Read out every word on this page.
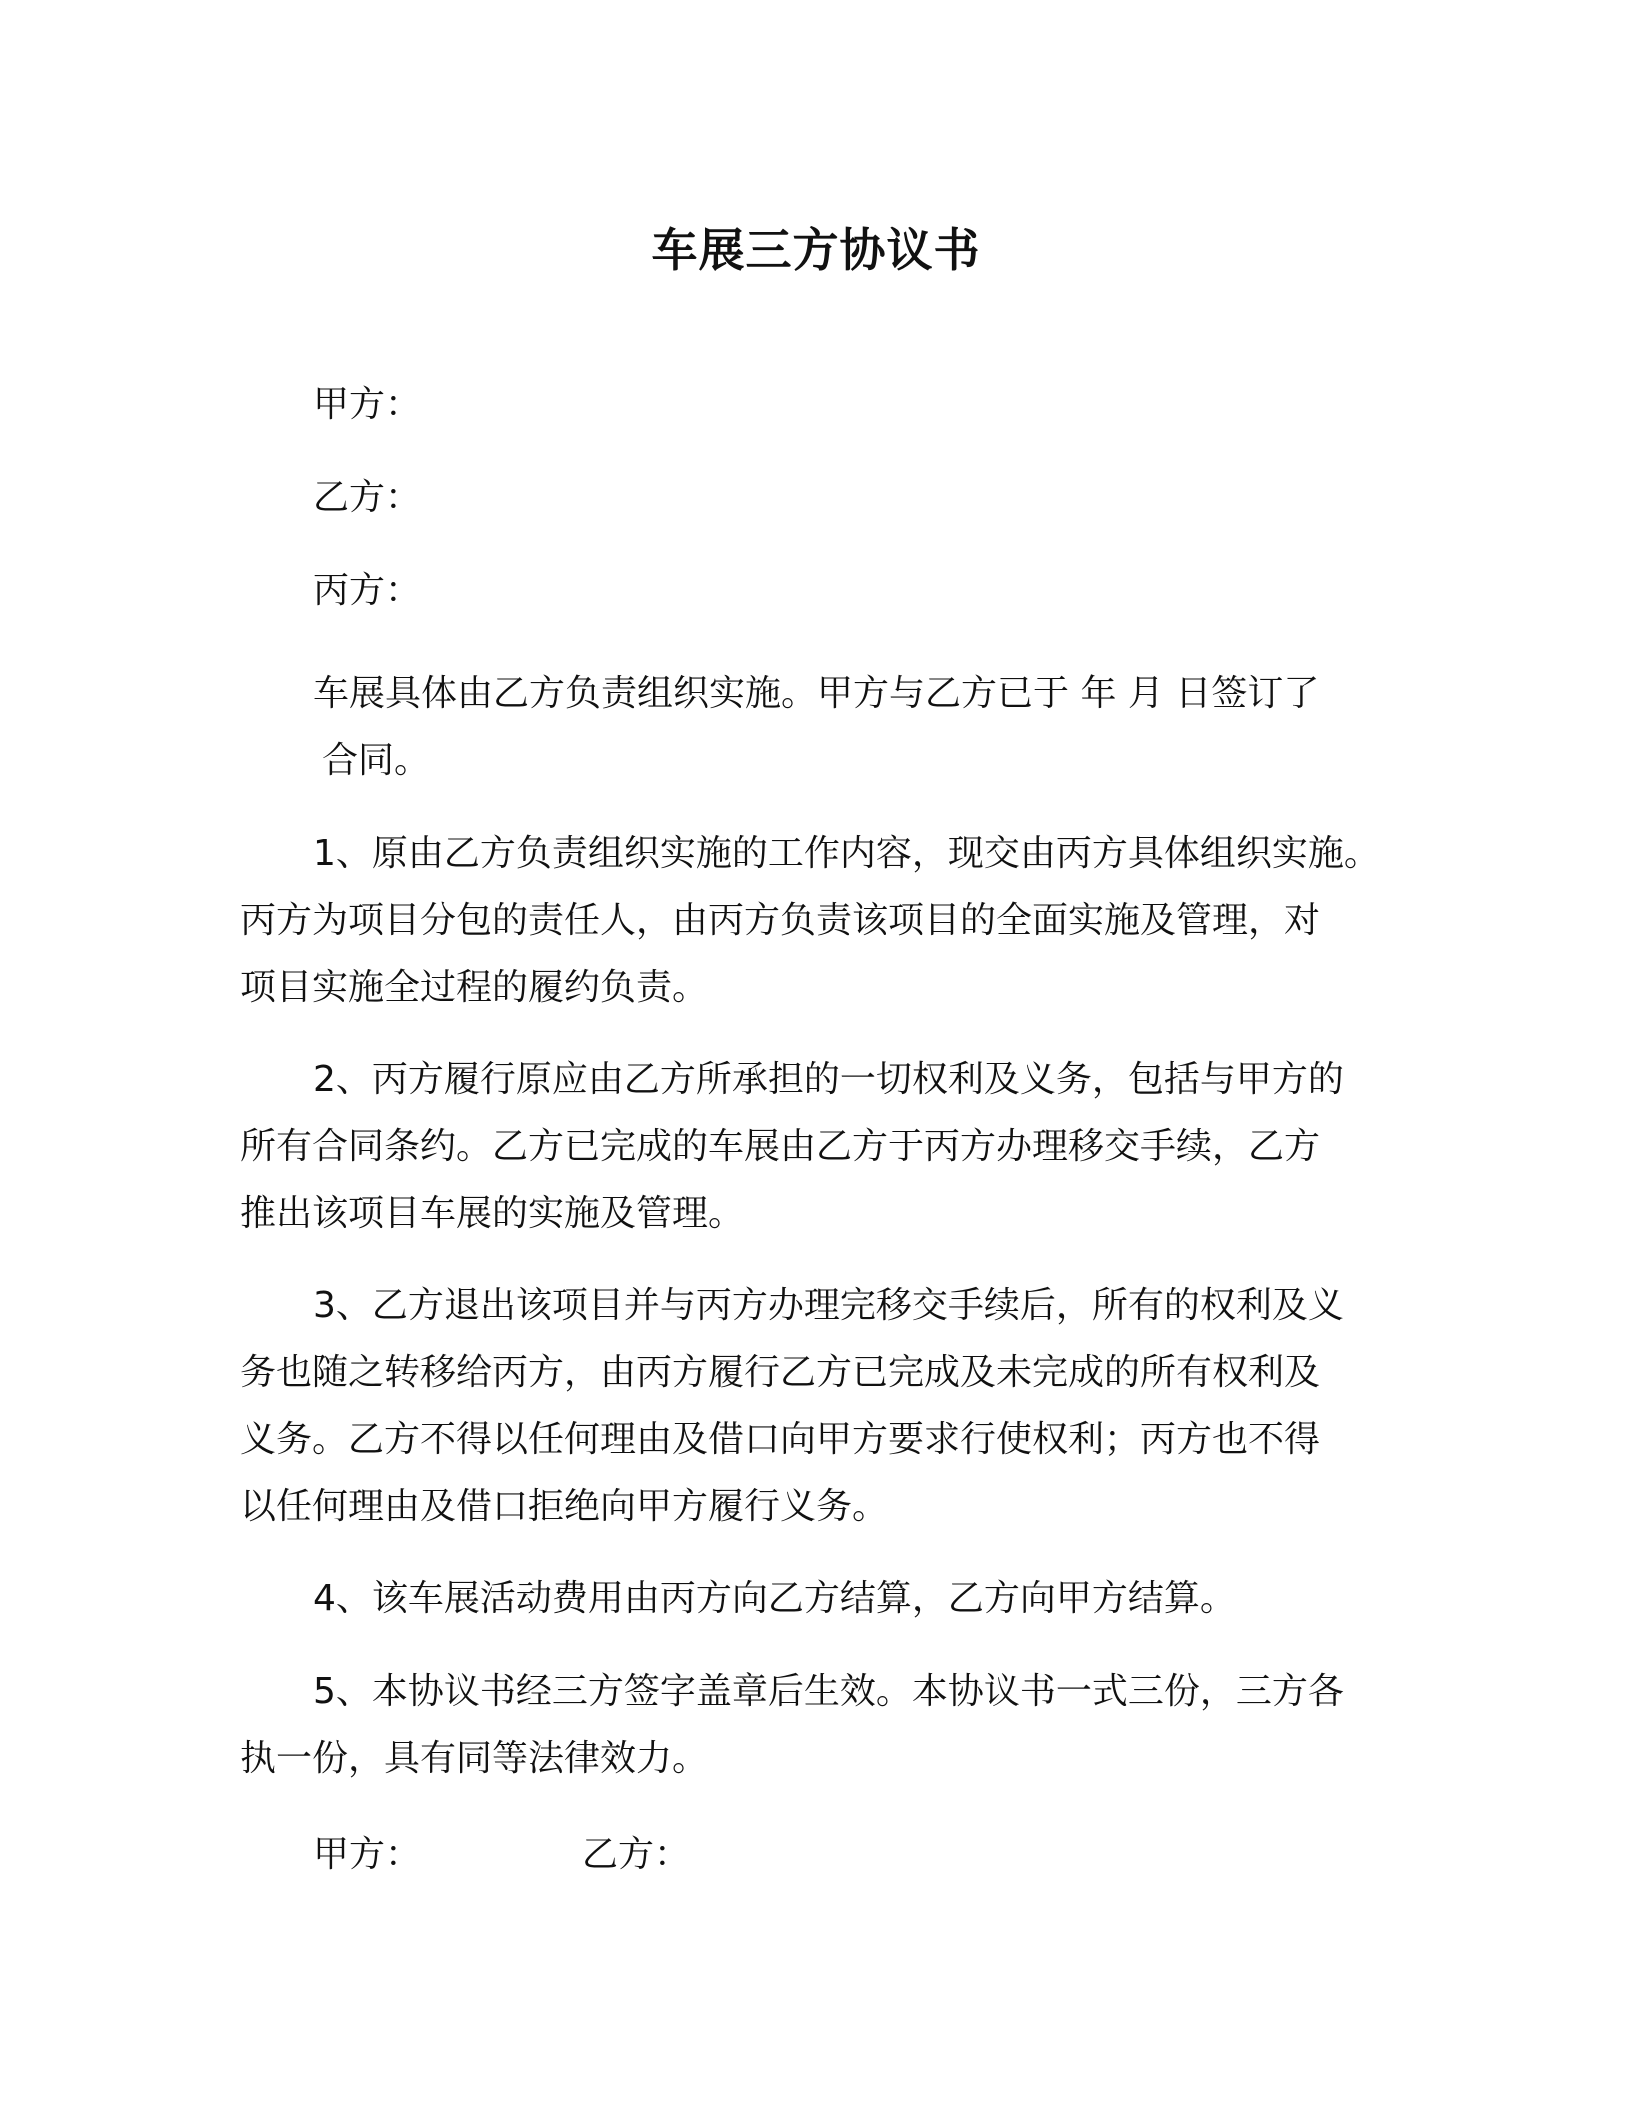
车展三方协议书
甲方：
乙方：
丙方：
车展具体由乙方负责组织实施。甲方与乙方已于 年 月 日签订了
合同。
1、原由乙方负责组织实施的工作内容，现交由丙方具体组织实施。
丙方为项目分包的责任人，由丙方负责该项目的全面实施及管理，对
项目实施全过程的履约负责。
2、丙方履行原应由乙方所承担的一切权利及义务，包括与甲方的
所有合同条约。乙方已完成的车展由乙方于丙方办理移交手续，乙方
推出该项目车展的实施及管理。
3、乙方退出该项目并与丙方办理完移交手续后，所有的权利及义
务也随之转移给丙方，由丙方履行乙方已完成及未完成的所有权利及
义务。乙方不得以任何理由及借口向甲方要求行使权利；丙方也不得
以任何理由及借口拒绝向甲方履行义务。
4、该车展活动费用由丙方向乙方结算，乙方向甲方结算。
5、本协议书经三方签字盖章后生效。本协议书一式三份，三方各
执一份，具有同等法律效力。
甲方：	乙方：
